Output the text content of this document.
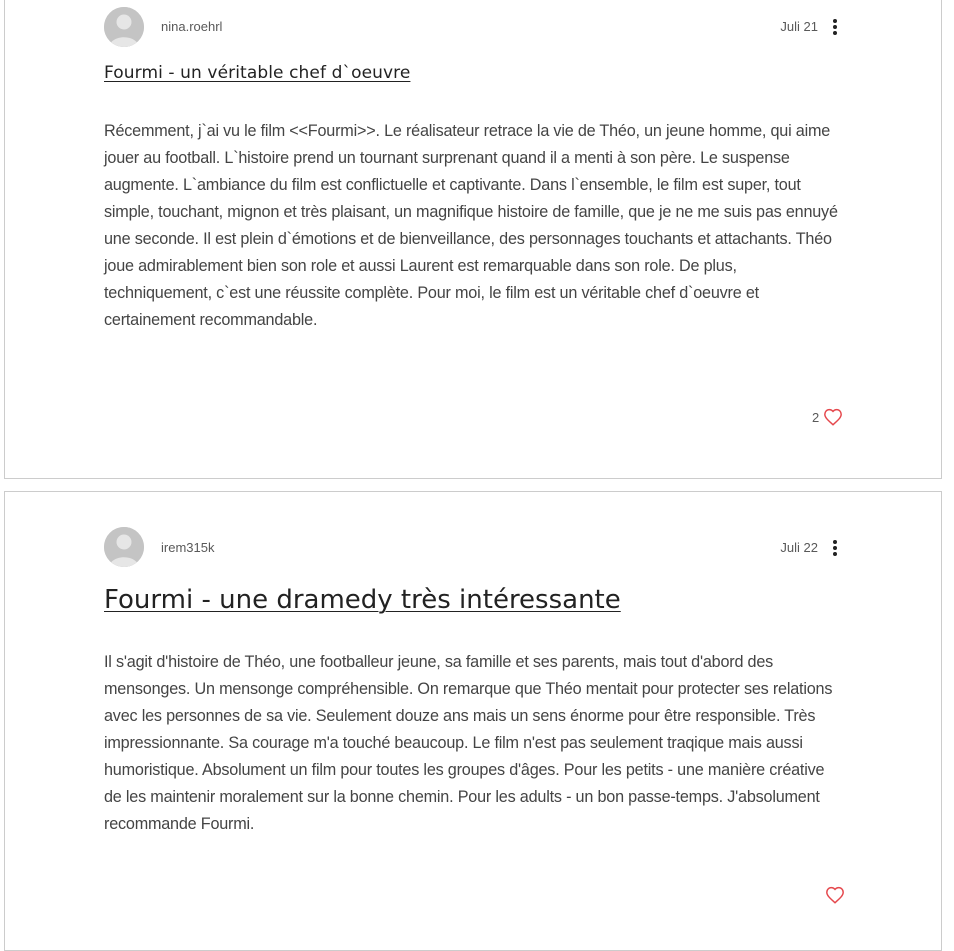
nina.roehrl	Juli 21
Fourmi - un véritable chef d`oeuvre
Récemment, j`ai vu le film <<Fourmi>>. Le réalisateur retrace la vie de Théo, un jeune homme, qui aime jouer au football. L`histoire prend un tournant surprenant quand il a menti à son père. Le suspense augmente. L`ambiance du film est conflictuelle et captivante. Dans l`ensemble, le film est super, tout simple, touchant, mignon et très plaisant, un magnifique histoire de famille, que je ne me suis pas ennuyé une seconde. Il est plein d`émotions et de bienveillance, des personnages touchants et attachants. Théo joue admirablement bien son role et aussi Laurent est remarquable dans son role. De plus, techniquement, c`est une réussite complète. Pour moi, le film est un véritable chef d`oeuvre et certainement recommandable.
2
irem315k	Juli 22
Fourmi - une dramedy très intéressante
Il s'agit d'histoire de Théo, une footballeur jeune, sa famille et ses parents, mais tout d'abord des mensonges. Un mensonge compréhensible. On remarque que Théo mentait pour protecter ses relations avec les personnes de sa vie. Seulement douze ans mais un sens énorme pour être responsible. Très impressionnante. Sa courage m'a touché beaucoup. Le film n'est pas seulement traqique mais aussi humoristique. Absolument un film pour toutes les groupes d'âges. Pour les petits - une manière créative de les maintenir moralement sur la bonne chemin. Pour les adults - un bon passe-temps. J'absolument recommande Fourmi.
